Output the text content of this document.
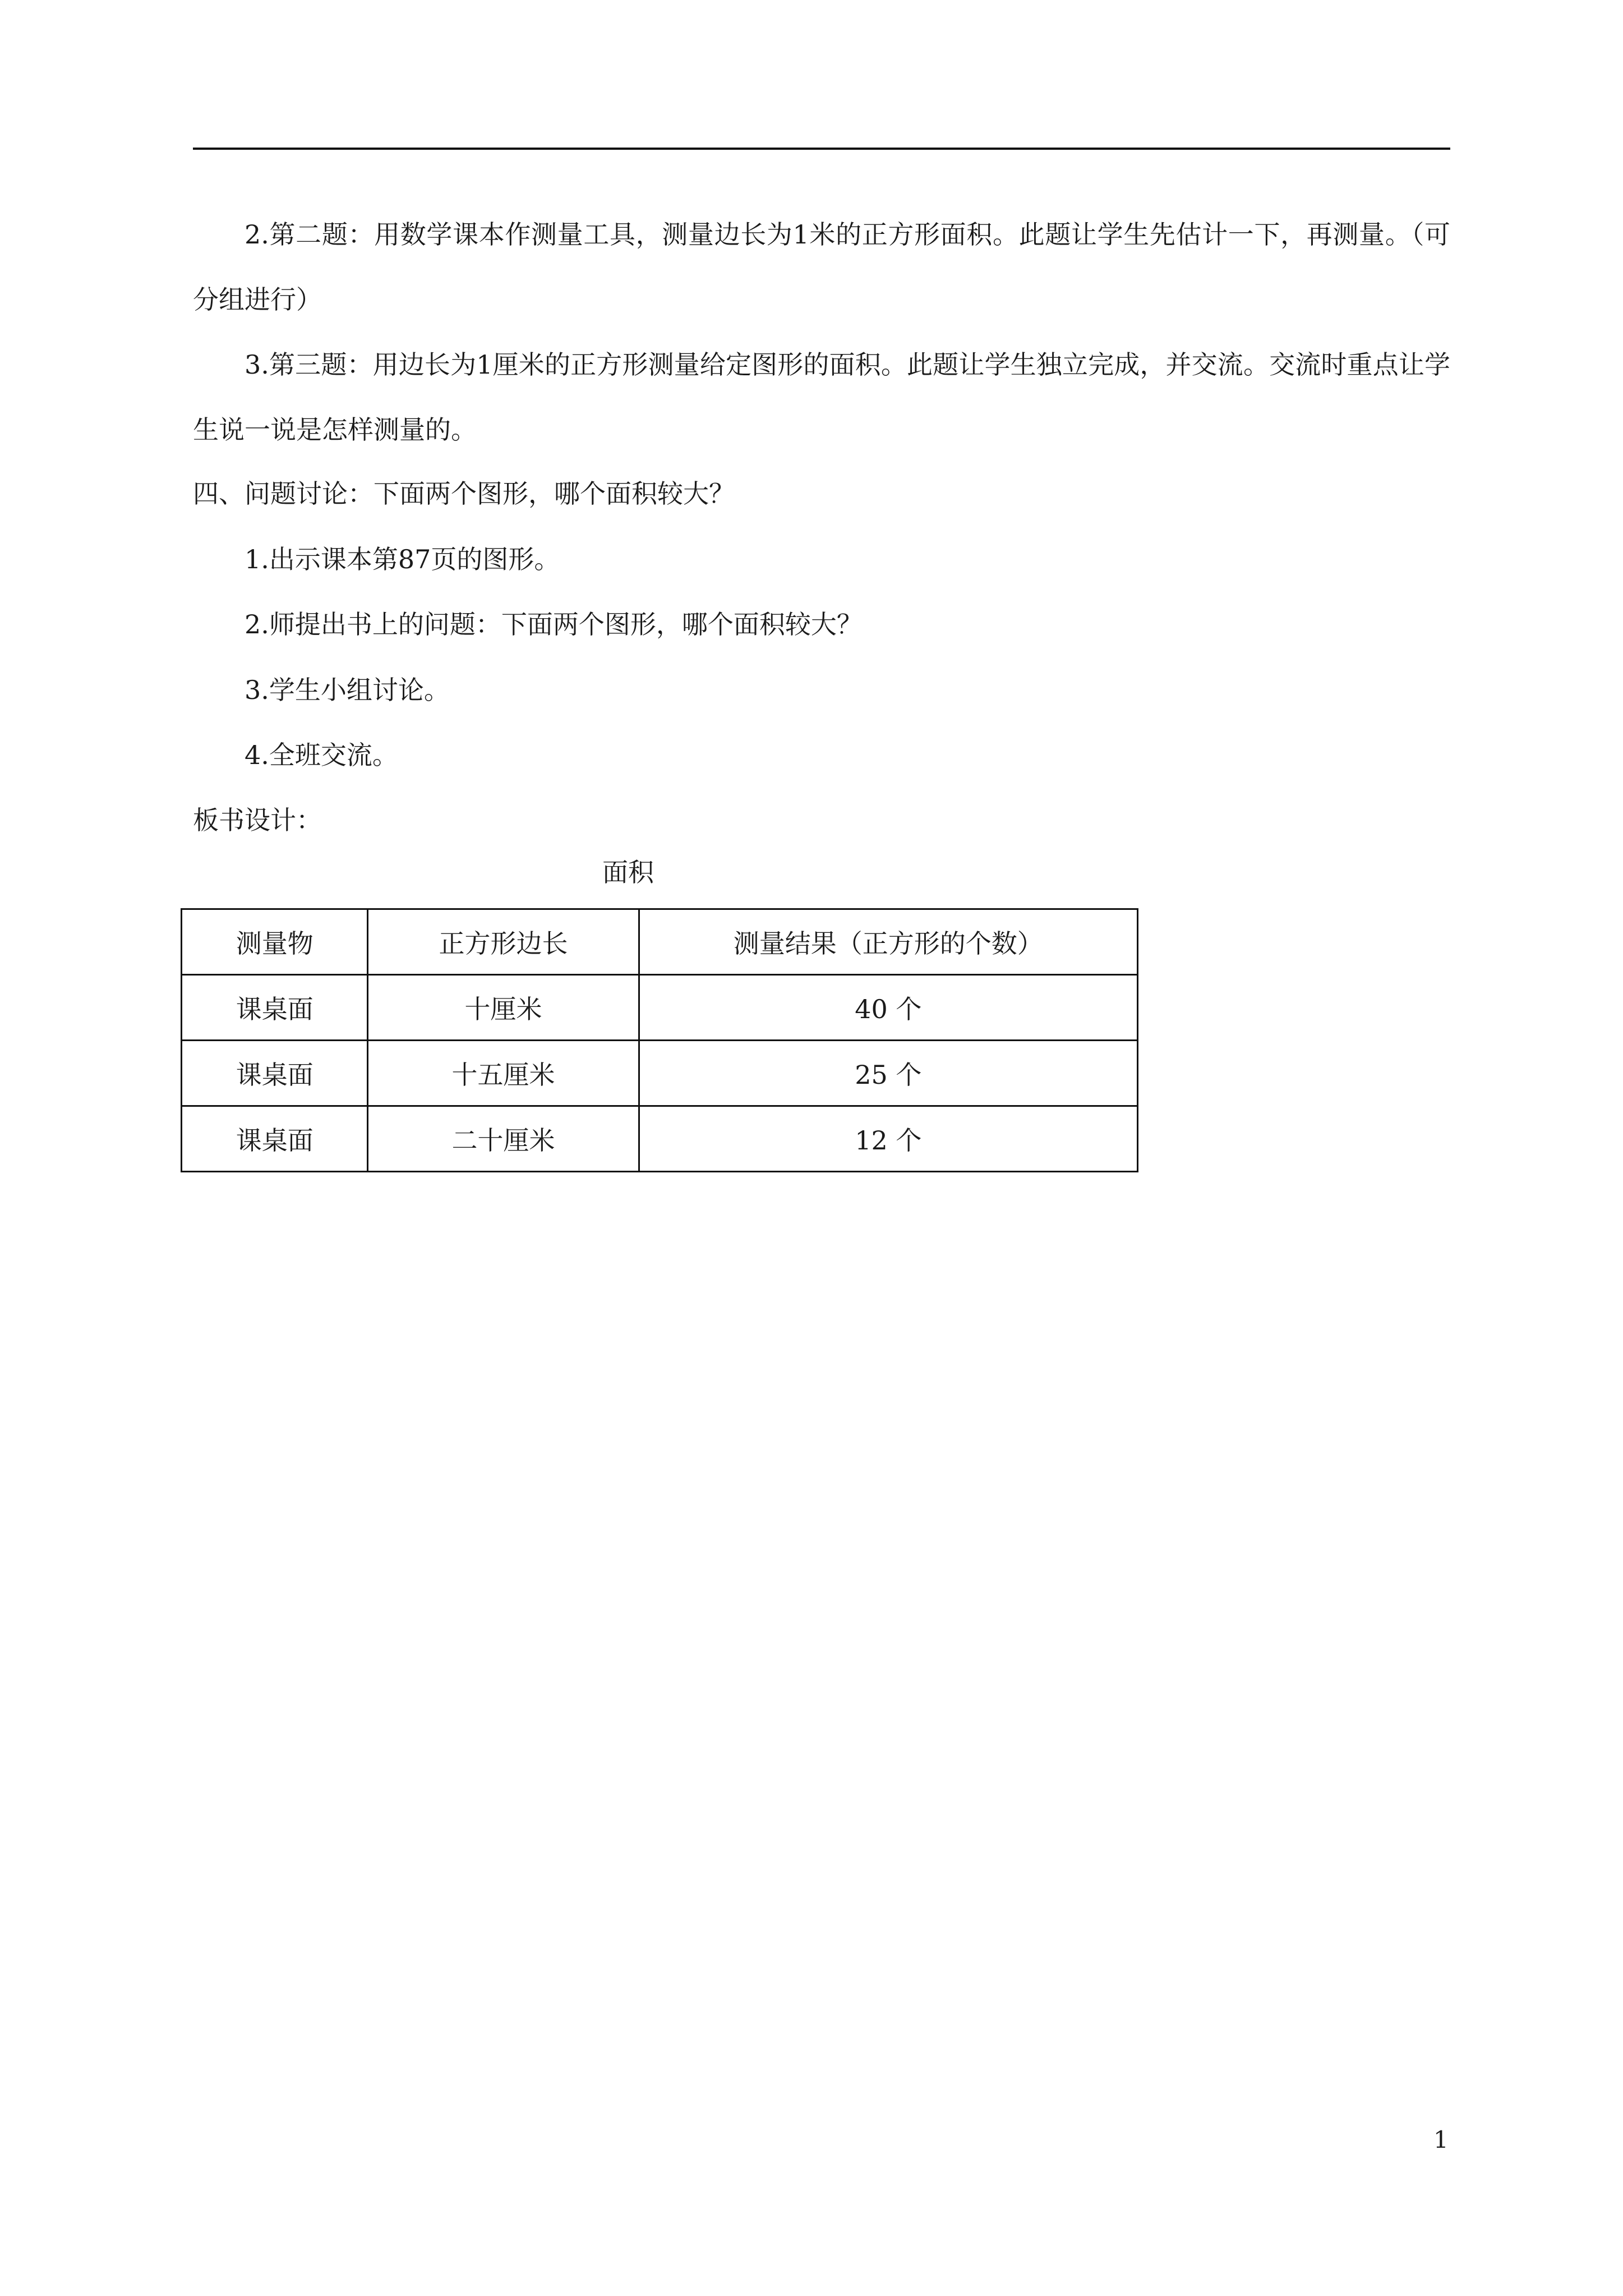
2.第二题：用数学课本作测量工具，测量边长为1米的正方形面积。此题让学生先估计一下，再测量。（可分组进行）

3.第三题：用边长为1厘米的正方形测量给定图形的面积。此题让学生独立完成，并交流。交流时重点让学生说一说是怎样测量的。

四、问题讨论：下面两个图形，哪个面积较大？

1.出示课本第87页的图形。

2.师提出书上的问题：下面两个图形，哪个面积较大？

3.学生小组讨论。

4.全班交流。

板书设计：

面积

测量物	正方形边长	测量结果（正方形的个数）
课桌面	十厘米	40 个
课桌面	十五厘米	25 个
课桌面	二十厘米	12 个

1
